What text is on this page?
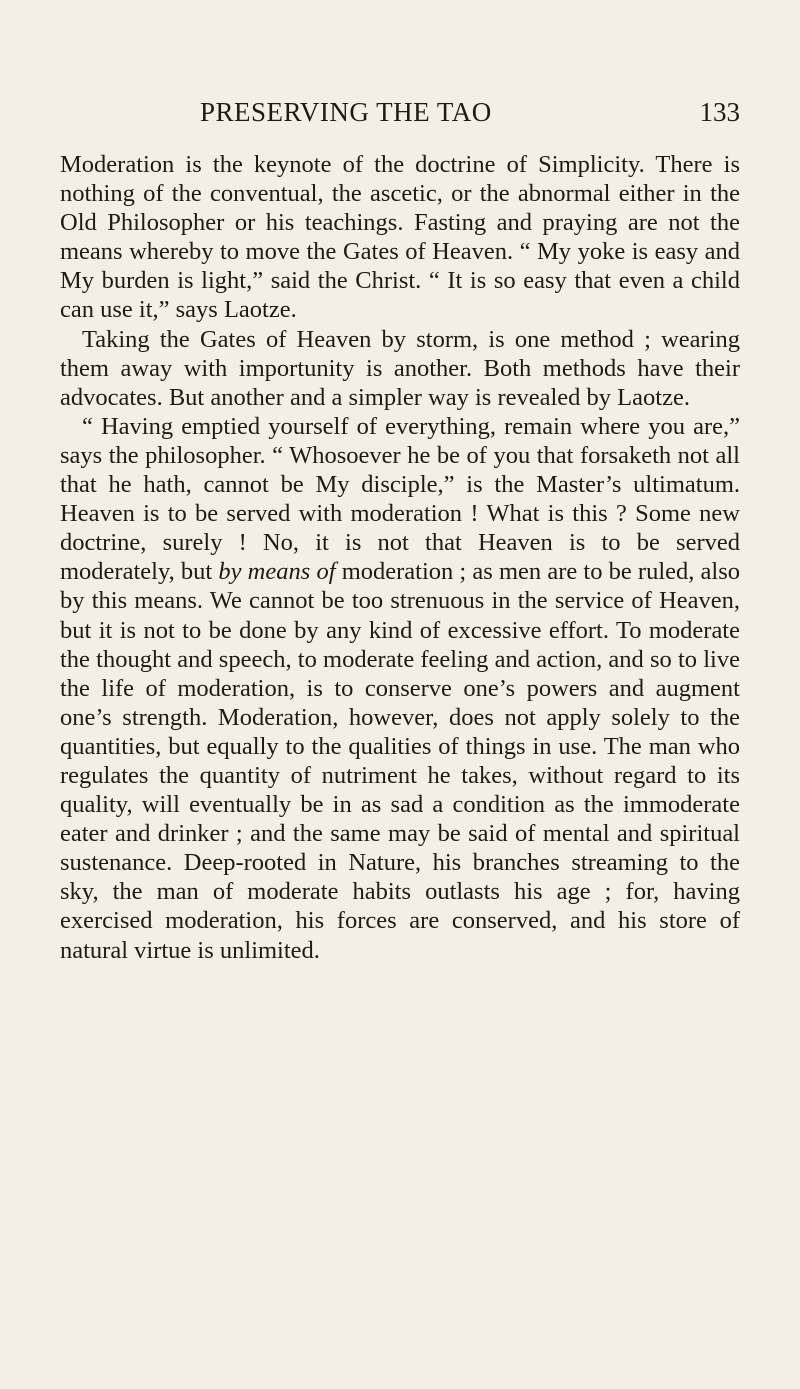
PRESERVING THE TAO	133

Moderation is the keynote of the doctrine of Simplicity. There is nothing of the conventual, the ascetic, or the abnormal either in the Old Philosopher or his teachings. Fasting and praying are not the means whereby to move the Gates of Heaven. “ My yoke is easy and My burden is light,” said the Christ. “ It is so easy that even a child can use it,” says Laotze.

Taking the Gates of Heaven by storm, is one method ; wearing them away with importunity is another. Both methods have their advocates. But another and a simpler way is revealed by Laotze.

“ Having emptied yourself of everything, remain where you are,” says the philosopher. “ Whosoever he be of you that forsaketh not all that he hath, cannot be My disciple,” is the Master’s ultimatum. Heaven is to be served with moderation ! What is this ? Some new doctrine, surely ! No, it is not that Heaven is to be served moderately, but by means of moderation ; as men are to be ruled, also by this means. We cannot be too strenuous in the service of Heaven, but it is not to be done by any kind of excessive effort. To moderate the thought and speech, to moderate feeling and action, and so to live the life of moderation, is to conserve one’s powers and augment one’s strength. Moderation, however, does not apply solely to the quantities, but equally to the qualities of things in use. The man who regulates the quantity of nutriment he takes, without regard to its quality, will eventually be in as sad a condition as the immoderate eater and drinker ; and the same may be said of mental and spiritual sustenance. Deep-rooted in Nature, his branches streaming to the sky, the man of moderate habits outlasts his age ; for, having exercised moderation, his forces are conserved, and his store of natural virtue is unlimited.
